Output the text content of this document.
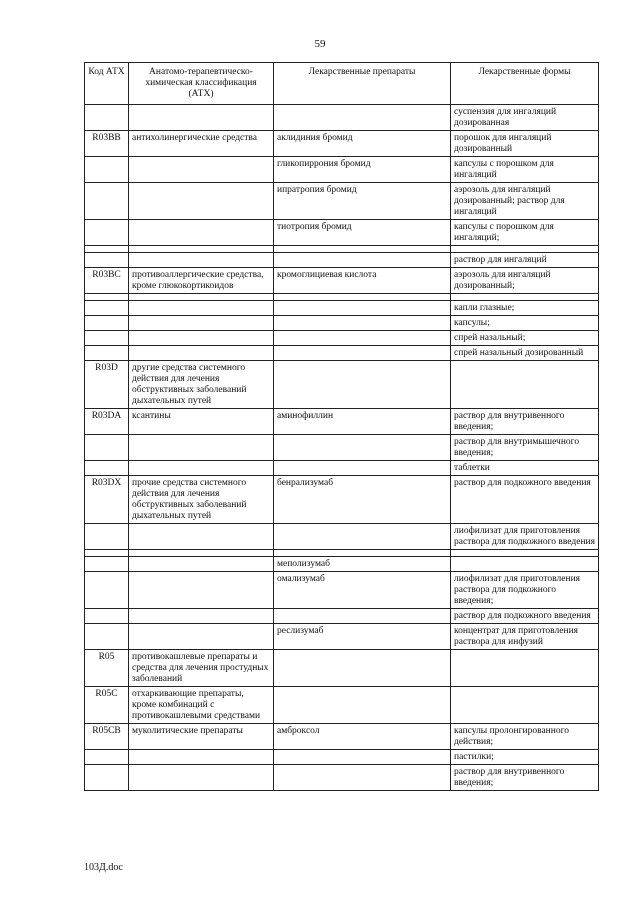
59
Код АТХ	Анатомо-терапевтическо-химическая классификация (АТХ)	Лекарственные препараты	Лекарственные формы
			суспензия для ингаляций дозированная
R03BB	антихолинергические средства	аклидиния бромид	порошок для ингаляций дозированный
		гликопиррония бромид	капсулы с порошком для ингаляций
		ипратропия бромид	аэрозоль для ингаляций дозированный; раствор для ингаляций
		тиотропия бромид	капсулы с порошком для ингаляций;

			раствор для ингаляций
R03BC	противоаллергические средства, кроме глюкокортикоидов	кромоглициевая кислота	аэрозоль для ингаляций дозированный;

			капли глазные;
			капсулы;
			спрей назальный;
			спрей назальный дозированный
R03D	другие средства системного действия для лечения обструктивных заболеваний дыхательных путей		
R03DA	ксантины	аминофиллин	раствор для внутривенного введения;
			раствор для внутримышечного введения;
			таблетки
R03DX	прочие средства системного действия для лечения обструктивных заболеваний дыхательных путей	бенрализумаб	раствор для подкожного введения
			лиофилизат для приготовления раствора для подкожного введения

		меполизумаб	
		омализумаб	лиофилизат для приготовления раствора для подкожного введения;
			раствор для подкожного введения
		реслизумаб	концентрат для приготовления раствора для инфузий
R05	противокашлевые препараты и средства для лечения простудных заболеваний		
R05C	отхаркивающие препараты, кроме комбинаций с противокашлевыми средствами		
R05CB	муколитические препараты	амброксол	капсулы пролонгированного действия;
			пастилки;
			раствор для внутривенного введения;
103Д.doc
